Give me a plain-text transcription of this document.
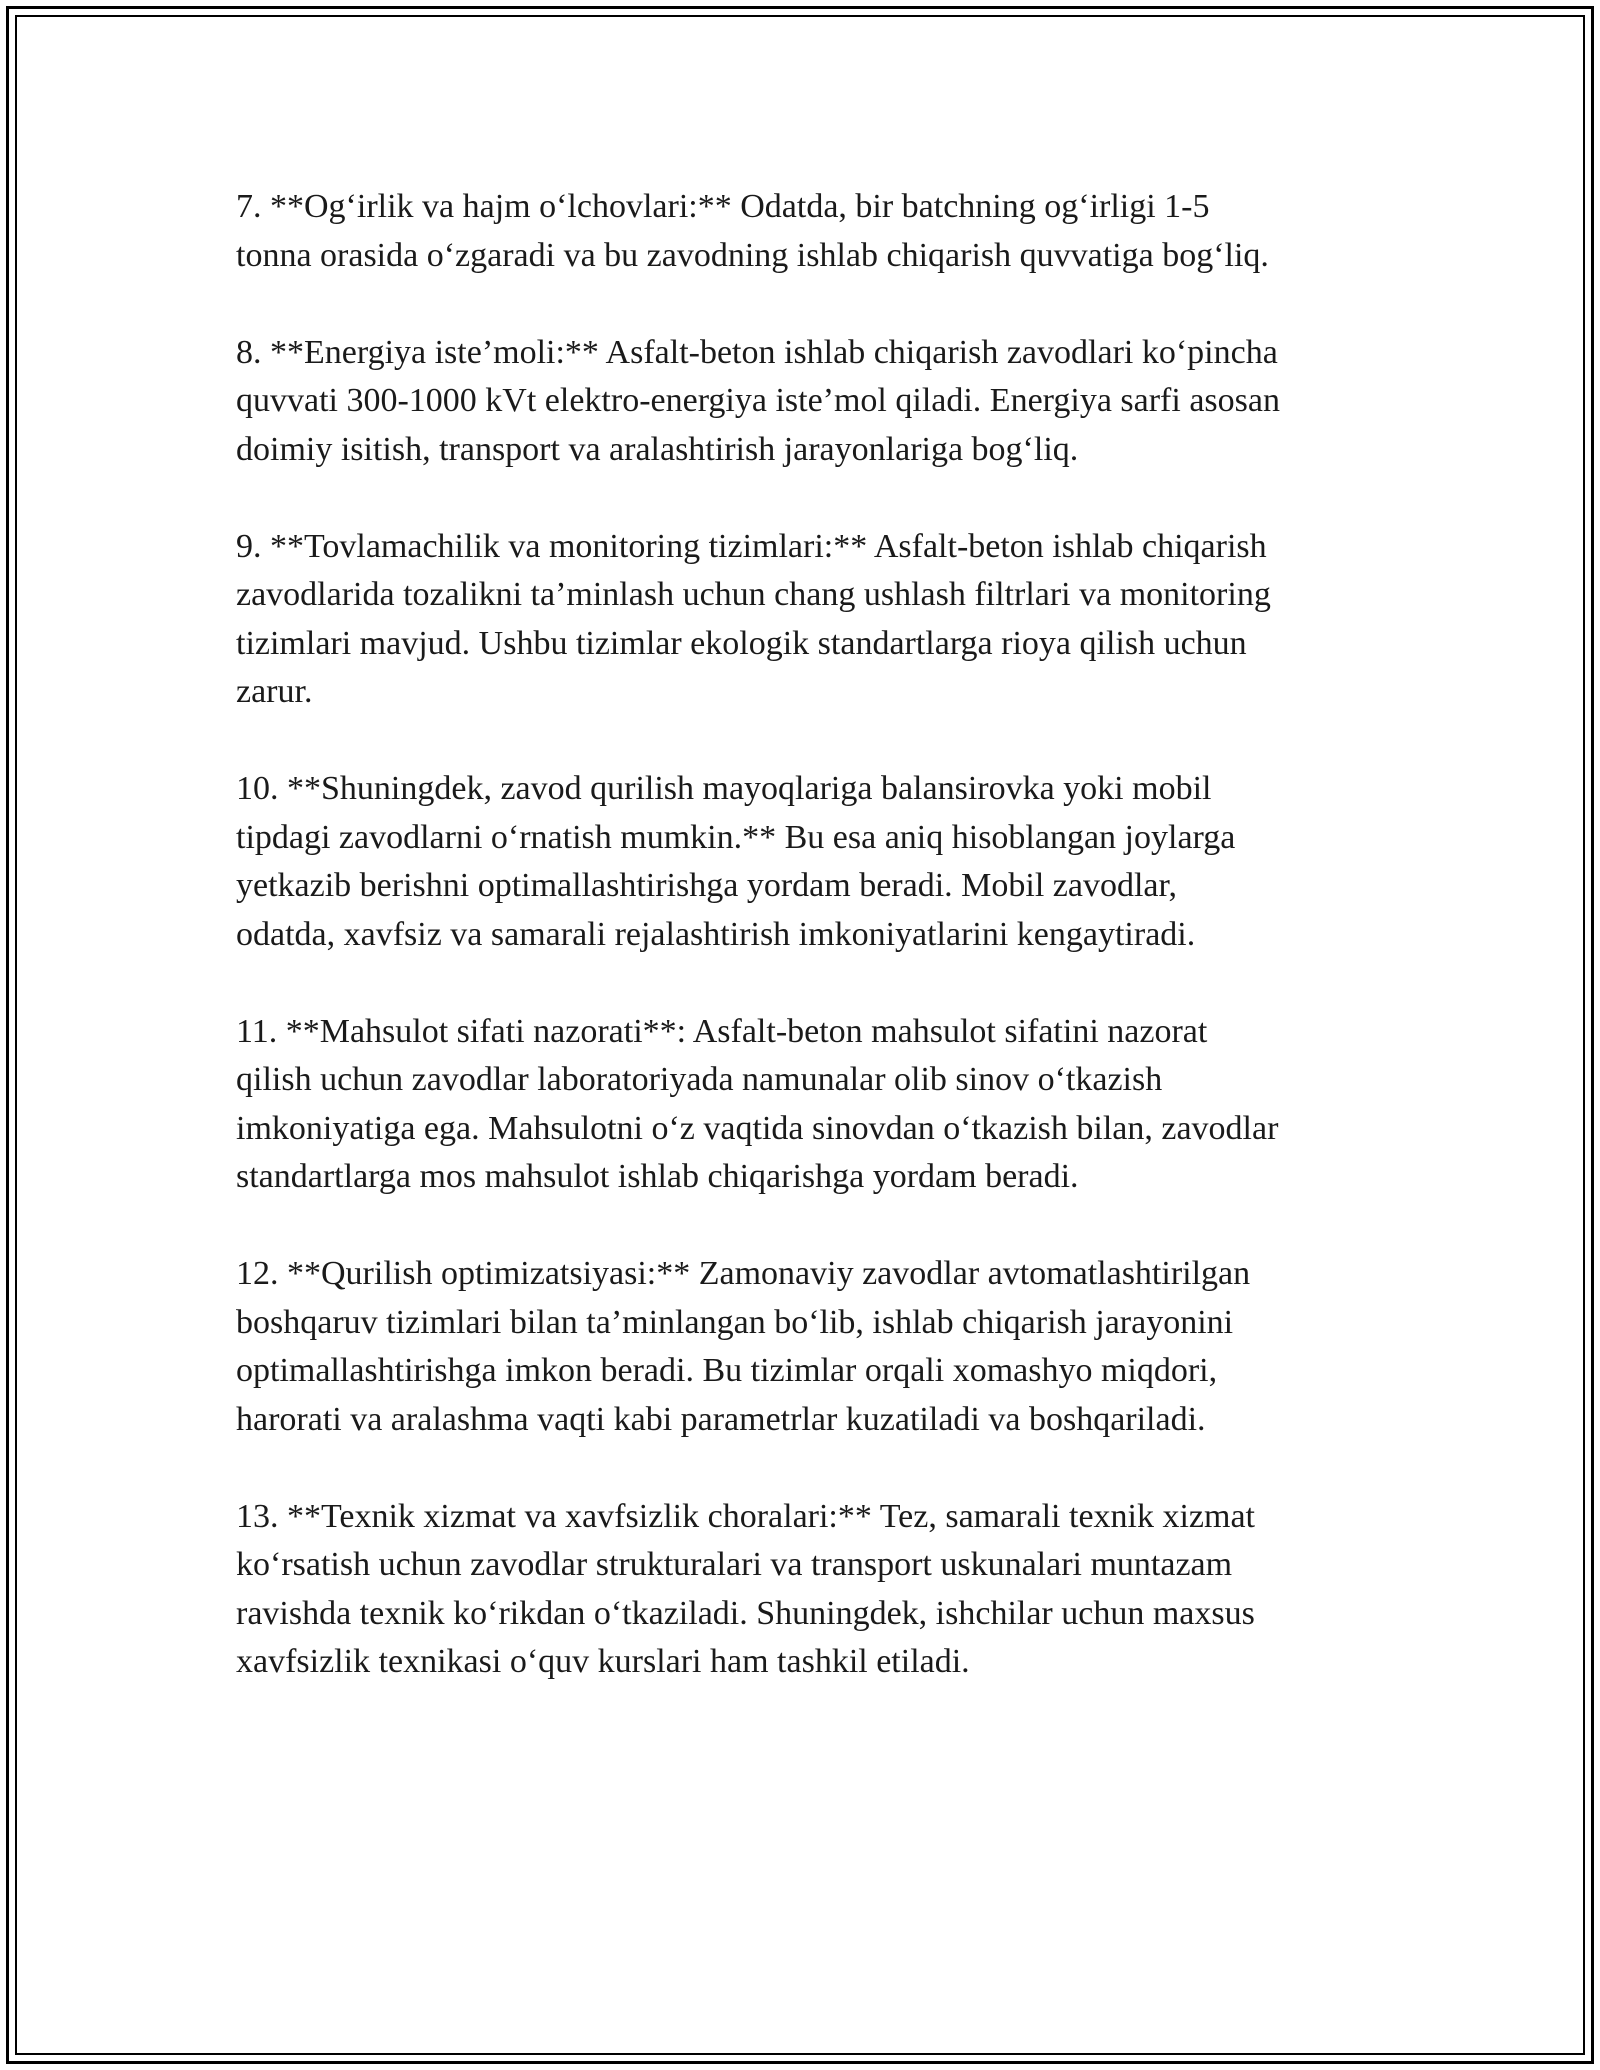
7. **Og‘irlik va hajm o‘lchovlari:** Odatda, bir batchning og‘irligi 1-5
tonna orasida o‘zgaradi va bu zavodning ishlab chiqarish quvvatiga bog‘liq.

8. **Energiya iste’moli:** Asfalt-beton ishlab chiqarish zavodlari ko‘pincha
quvvati 300-1000 kVt elektro-energiya iste’mol qiladi. Energiya sarfi asosan
doimiy isitish, transport va aralashtirish jarayonlariga bog‘liq.

9. **Tovlamachilik va monitoring tizimlari:** Asfalt-beton ishlab chiqarish
zavodlarida tozalikni ta’minlash uchun chang ushlash filtrlari va monitoring
tizimlari mavjud. Ushbu tizimlar ekologik standartlarga rioya qilish uchun
zarur.

10. **Shuningdek, zavod qurilish mayoqlariga balansirovka yoki mobil
tipdagi zavodlarni o‘rnatish mumkin.** Bu esa aniq hisoblangan joylarga
yetkazib berishni optimallashtirishga yordam beradi. Mobil zavodlar,
odatda, xavfsiz va samarali rejalashtirish imkoniyatlarini kengaytiradi.

11. **Mahsulot sifati nazorati**: Asfalt-beton mahsulot sifatini nazorat
qilish uchun zavodlar laboratoriyada namunalar olib sinov o‘tkazish
imkoniyatiga ega. Mahsulotni o‘z vaqtida sinovdan o‘tkazish bilan, zavodlar
standartlarga mos mahsulot ishlab chiqarishga yordam beradi.

12. **Qurilish optimizatsiyasi:** Zamonaviy zavodlar avtomatlashtirilgan
boshqaruv tizimlari bilan ta’minlangan bo‘lib, ishlab chiqarish jarayonini
optimallashtirishga imkon beradi. Bu tizimlar orqali xomashyo miqdori,
harorati va aralashma vaqti kabi parametrlar kuzatiladi va boshqariladi.

13. **Texnik xizmat va xavfsizlik choralari:** Tez, samarali texnik xizmat
ko‘rsatish uchun zavodlar strukturalari va transport uskunalari muntazam
ravishda texnik ko‘rikdan o‘tkaziladi. Shuningdek, ishchilar uchun maxsus
xavfsizlik texnikasi o‘quv kurslari ham tashkil etiladi.
